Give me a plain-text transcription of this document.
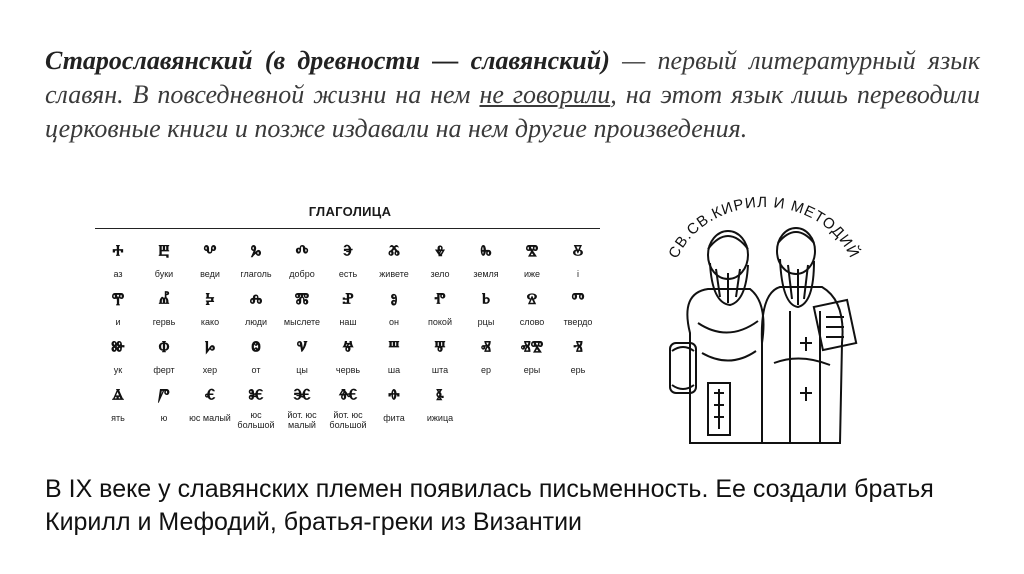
Старославянский (в древности — славянский) — первый литературный язык славян. В повседневной жизни на нем не говорили, на этот язык лишь переводили церковные книги и позже издавали на нем другие произведения.
ГЛАГОЛИЦА
ⰰ
аз
ⰱ
буки
ⰲ
веди
ⰳ
глаголь
ⰴ
добро
ⰵ
есть
ⰶ
живете
ⰷ
зело
ⰸ
земля
ⰺ
иже
ⰻ
і
ⰹ
и
ⰼ
гервь
ⰽ
како
ⰾ
люди
ⰿ
мыслете
ⱀ
наш
ⱁ
он
ⱂ
покой
ⱃ
рцы
ⱄ
слово
ⱅ
твердо
ⱆ
ук
ⱇ
ферт
ⱈ
хер
ⱉ
от
ⱌ
цы
ⱍ
червь
ⱎ
ша
ⱋ
шта
ⱏ
ер
ⱏⰺ
еры
ⱐ
ерь
ⱑ
ять
ⱓ
ю
ⱔ
юс малый
ⱘ
юс большой
ⱗ
йот. юс малый
ⱙ
йот. юс большой
ⱚ
фита
ⱛ
ижица
СВ.СВ.КИРИЛ И МЕТОДИЙ
В IX веке у славянских племен появилась письменность. Ее создали братья Кирилл и Мефодий, братья-греки из Византии
